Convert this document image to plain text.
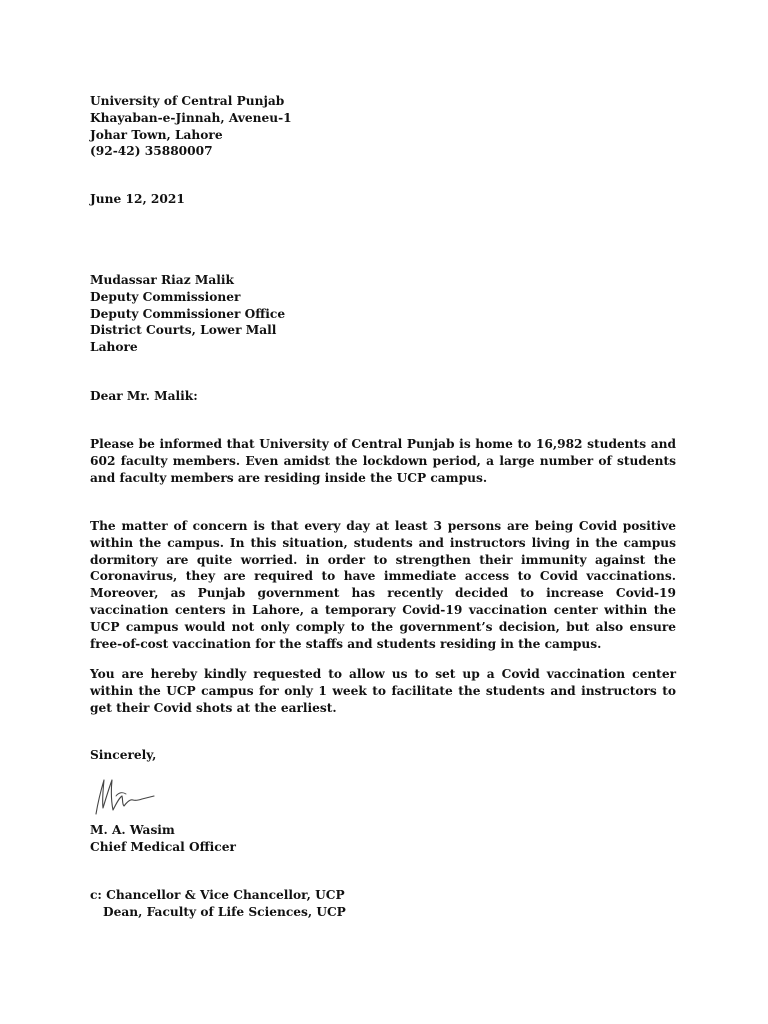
University of Central Punjab
Khayaban-e-Jinnah, Aveneu-1
Johar Town, Lahore
(92-42) 35880007
June 12, 2021
Mudassar Riaz Malik
Deputy Commissioner
Deputy Commissioner Office
District Courts, Lower Mall
Lahore
Dear Mr. Malik:
Please be informed that University of Central Punjab is home to 16,982 students and 602 faculty members. Even amidst the lockdown period, a large number of students and faculty members are residing inside the UCP campus.
The matter of concern is that every day at least 3 persons are being Covid positive within the campus. In this situation, students and instructors living in the campus dormitory are quite worried. in order to strengthen their immunity against the Coronavirus, they are required to have immediate access to Covid vaccinations. Moreover, as Punjab government has recently decided to increase Covid-19 vaccination centers in Lahore, a temporary Covid-19 vaccination center within the UCP campus would not only comply to the government’s decision, but also ensure free-of-cost vaccination for the staffs and students residing in the campus.
You are hereby kindly requested to allow us to set up a Covid vaccination center within the UCP campus for only 1 week to facilitate the students and instructors to get their Covid shots at the earliest.
Sincerely,
M. A. Wasim
Chief Medical Officer
c: Chancellor & Vice Chancellor, UCP
Dean, Faculty of Life Sciences, UCP
